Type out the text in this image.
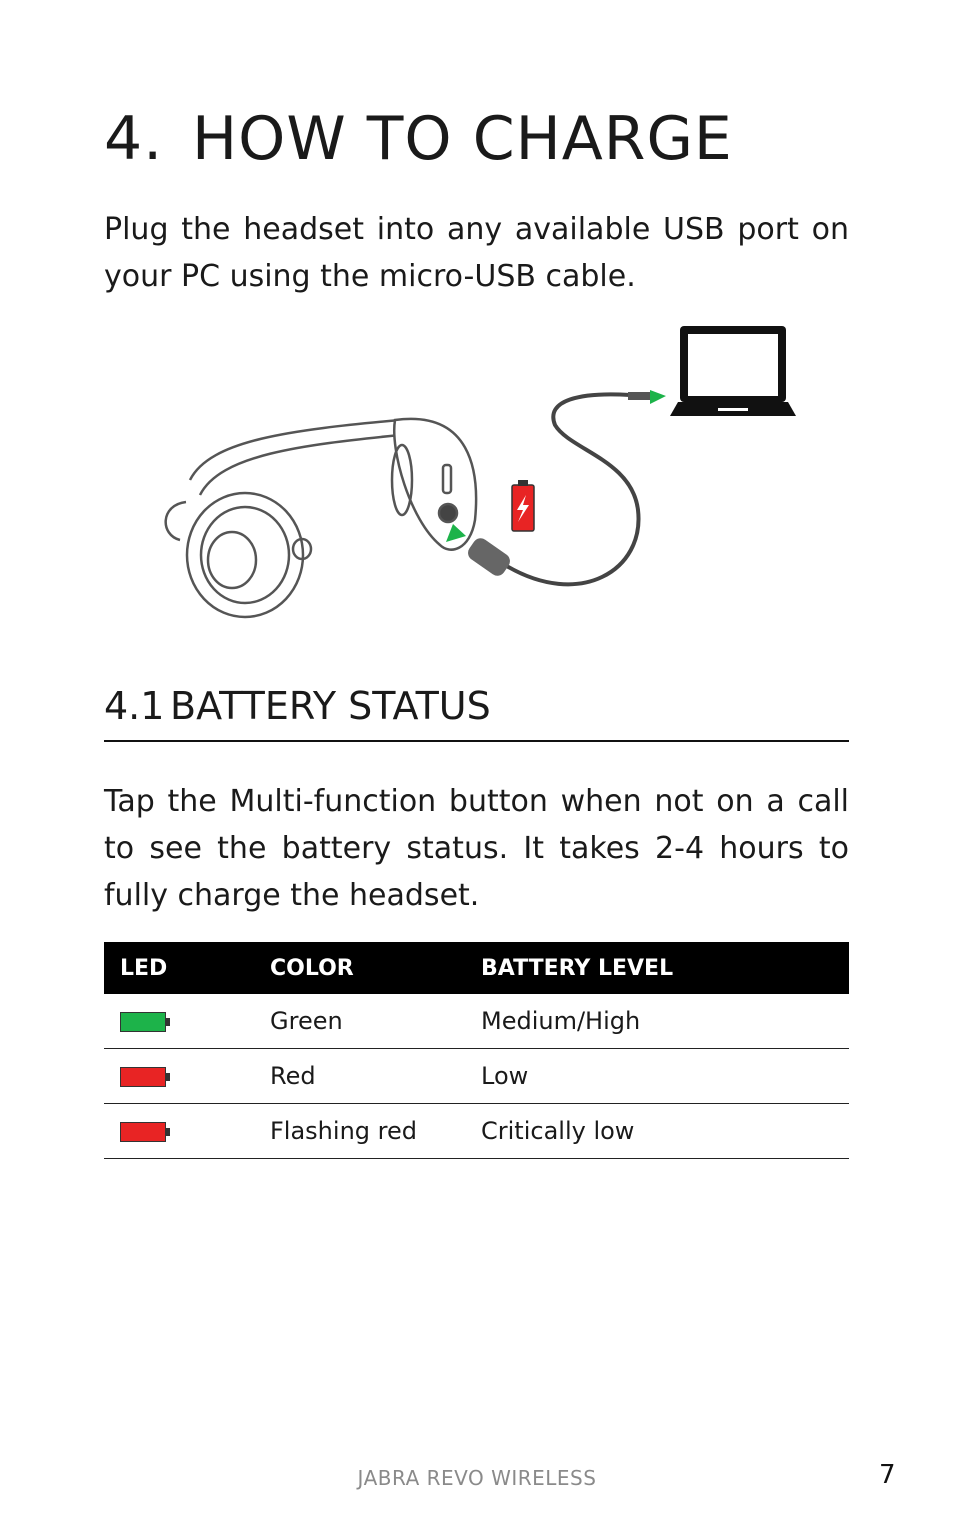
4. HOW TO CHARGE

Plug the headset into any available USB port on your PC using the micro-USB cable.

4.1 BATTERY STATUS

Tap the Multi-function button when not on a call to see the battery status. It takes 2-4 hours to fully charge the headset.

LED	COLOR	BATTERY LEVEL
	Green	Medium/High
	Red	Low
	Flashing red	Critically low
JABRA REVO WIRELESS	7
